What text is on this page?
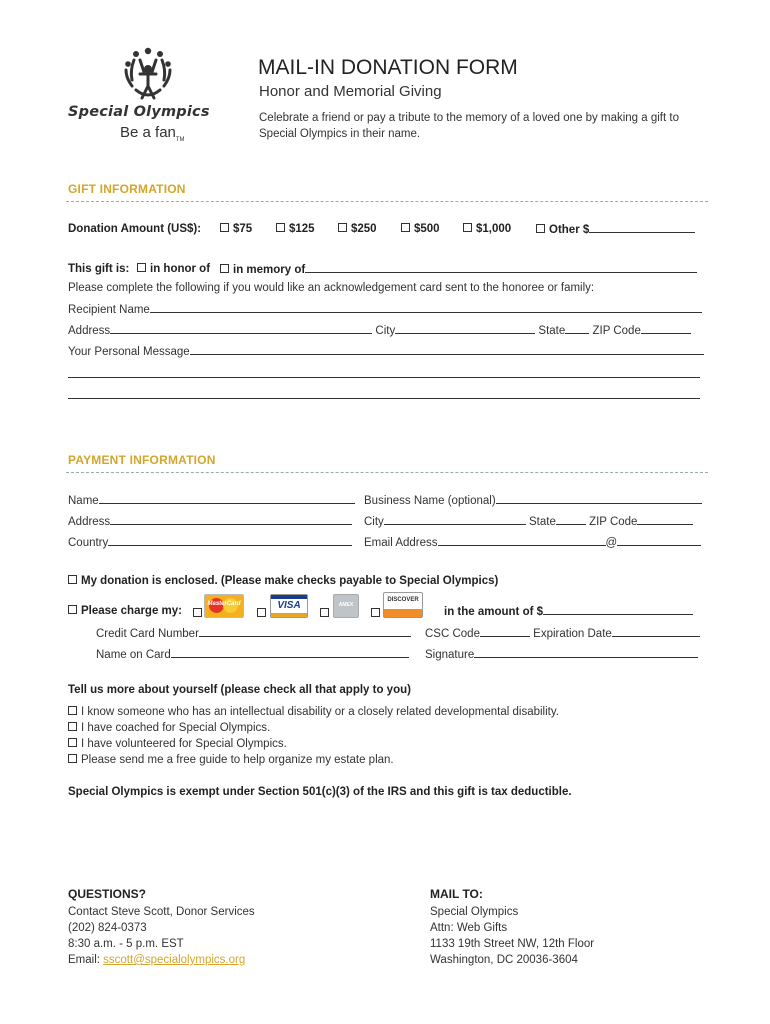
Special Olympics
Be a fan$_{TM}$
MAIL-IN DONATION FORM
Honor and Memorial Giving
Celebrate a friend or pay a tribute to the memory of a loved one by making a gift to Special Olympics in their name.
GIFT INFORMATION
Donation Amount (US$):	$75	$125	$250	$500	$1,000	Other $
This gift is:	in honor of	in memory of
Please complete the following if you would like an acknowledgement card sent to the honoree or family:
Recipient Name
Address	City	State ZIP Code
Your Personal Message
PAYMENT INFORMATION
Name	Business Name (optional)
Address	City	State	ZIP Code
Country	Email Address	@
My donation is enclosed. (Please make checks payable to Special Olympics)
Please charge my:
MasterCard	VISA	AMEX
DISCOVER
in the amount of $
Credit Card Number	CSC Code	Expiration Date
Name on Card	Signature
Tell us more about yourself (please check all that apply to you)
I know someone who has an intellectual disability or a closely related developmental disability.
I have coached for Special Olympics.
I have volunteered for Special Olympics.
Please send me a free guide to help organize my estate plan.
Special Olympics is exempt under Section 501(c)(3) of the IRS and this gift is tax deductible.
QUESTIONS?
Contact Steve Scott, Donor Services
(202) 824-0373
8:30 a.m. - 5 p.m. EST
Email: sscott@specialolympics.org
MAIL TO:
Special Olympics
Attn: Web Gifts
1133 19th Street NW, 12th Floor
Washington, DC 20036-3604
